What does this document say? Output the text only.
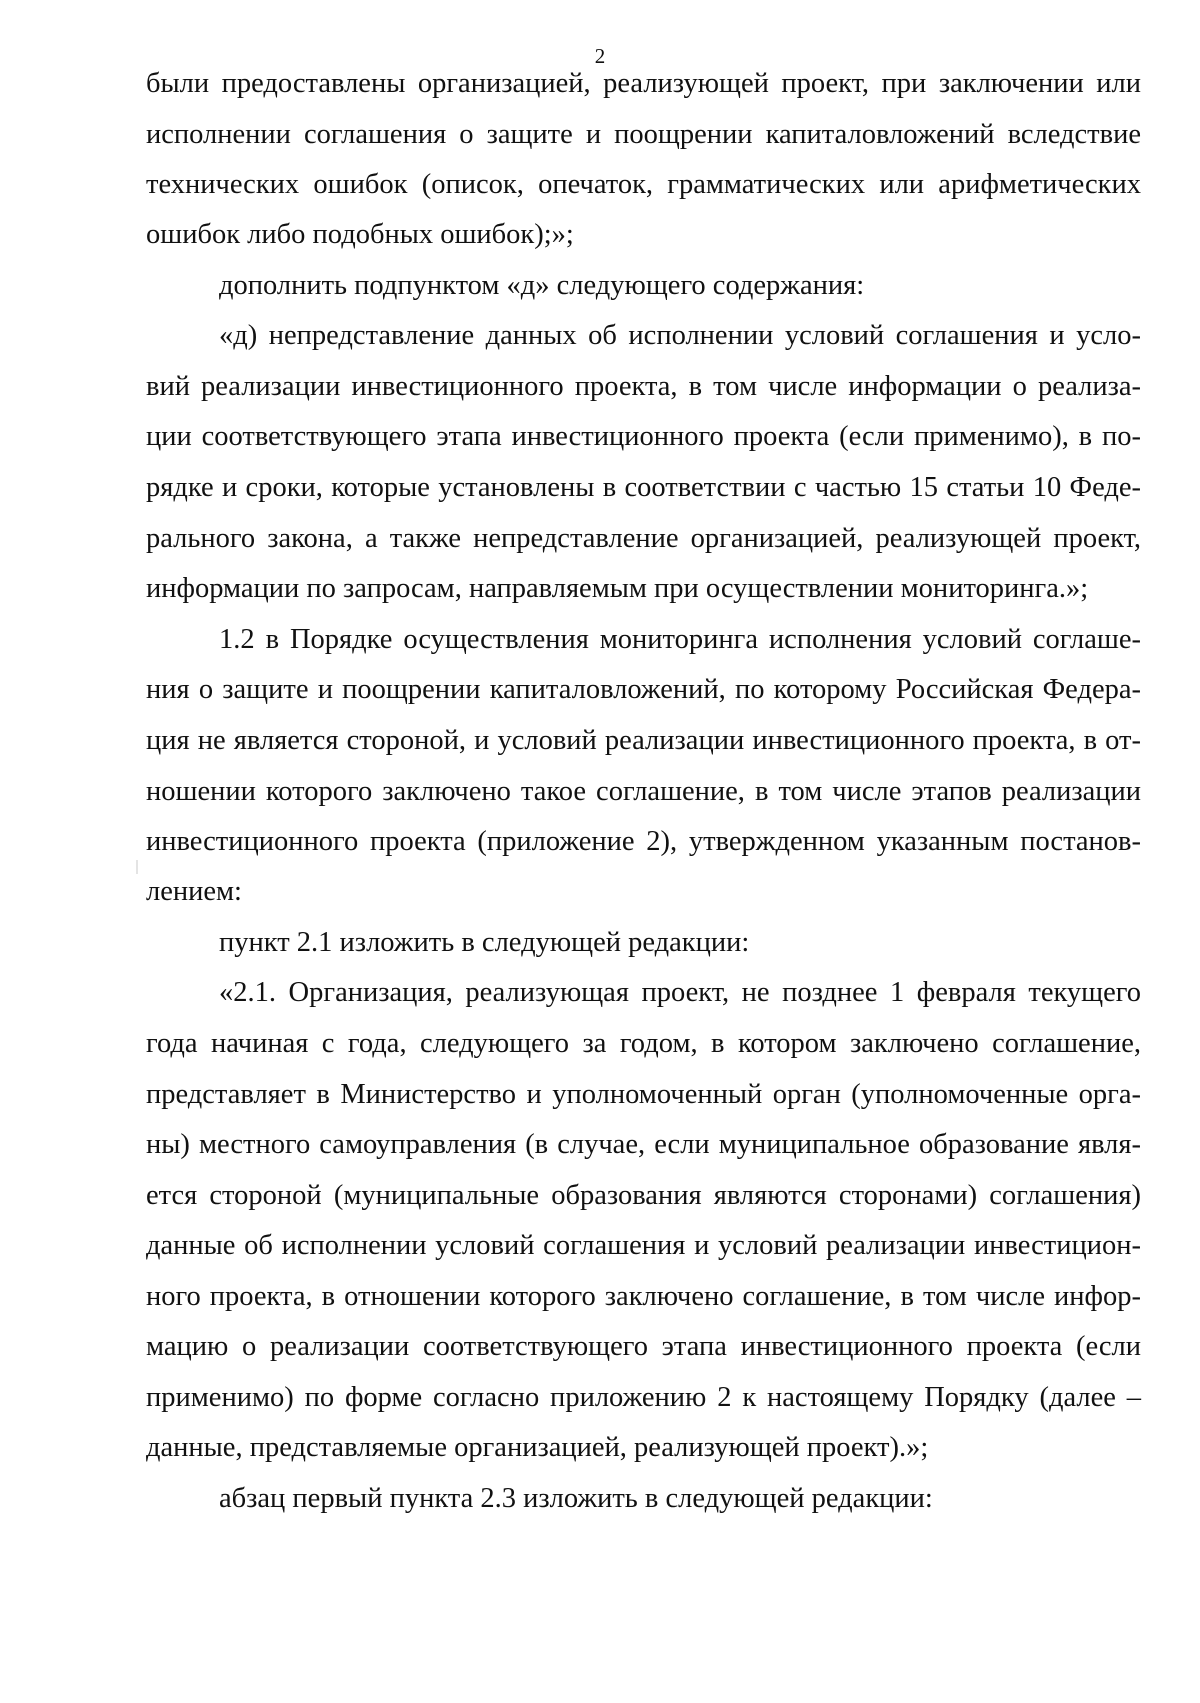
2
были предоставлены организацией, реализующей проект, при заключении или
исполнении соглашения о защите и поощрении капиталовложений вследствие
технических ошибок (описок, опечаток, грамматических или арифметических
ошибок либо подобных ошибок);»;
дополнить подпунктом «д» следующего содержания:
«д) непредставление данных об исполнении условий соглашения и усло-
вий реализации инвестиционного проекта, в том числе информации о реализа-
ции соответствующего этапа инвестиционного проекта (если применимо), в по-
рядке и сроки, которые установлены в соответствии с частью 15 статьи 10 Феде-
рального закона, а также непредставление организацией, реализующей проект,
информации по запросам, направляемым при осуществлении мониторинга.»;
1.2 в Порядке осуществления мониторинга исполнения условий соглаше-
ния о защите и поощрении капиталовложений, по которому Российская Федера-
ция не является стороной, и условий реализации инвестиционного проекта, в от-
ношении которого заключено такое соглашение, в том числе этапов реализации
инвестиционного проекта (приложение 2), утвержденном указанным постанов-
лением:
пункт 2.1 изложить в следующей редакции:
«2.1. Организация, реализующая проект, не позднее 1 февраля текущего
года начиная с года, следующего за годом, в котором заключено соглашение,
представляет в Министерство и уполномоченный орган (уполномоченные орга-
ны) местного самоуправления (в случае, если муниципальное образование явля-
ется стороной (муниципальные образования являются сторонами) соглашения)
данные об исполнении условий соглашения и условий реализации инвестицион-
ного проекта, в отношении которого заключено соглашение, в том числе инфор-
мацию о реализации соответствующего этапа инвестиционного проекта (если
применимо) по форме согласно приложению 2 к настоящему Порядку (далее –
данные, представляемые организацией, реализующей проект).»;
абзац первый пункта 2.3 изложить в следующей редакции:
